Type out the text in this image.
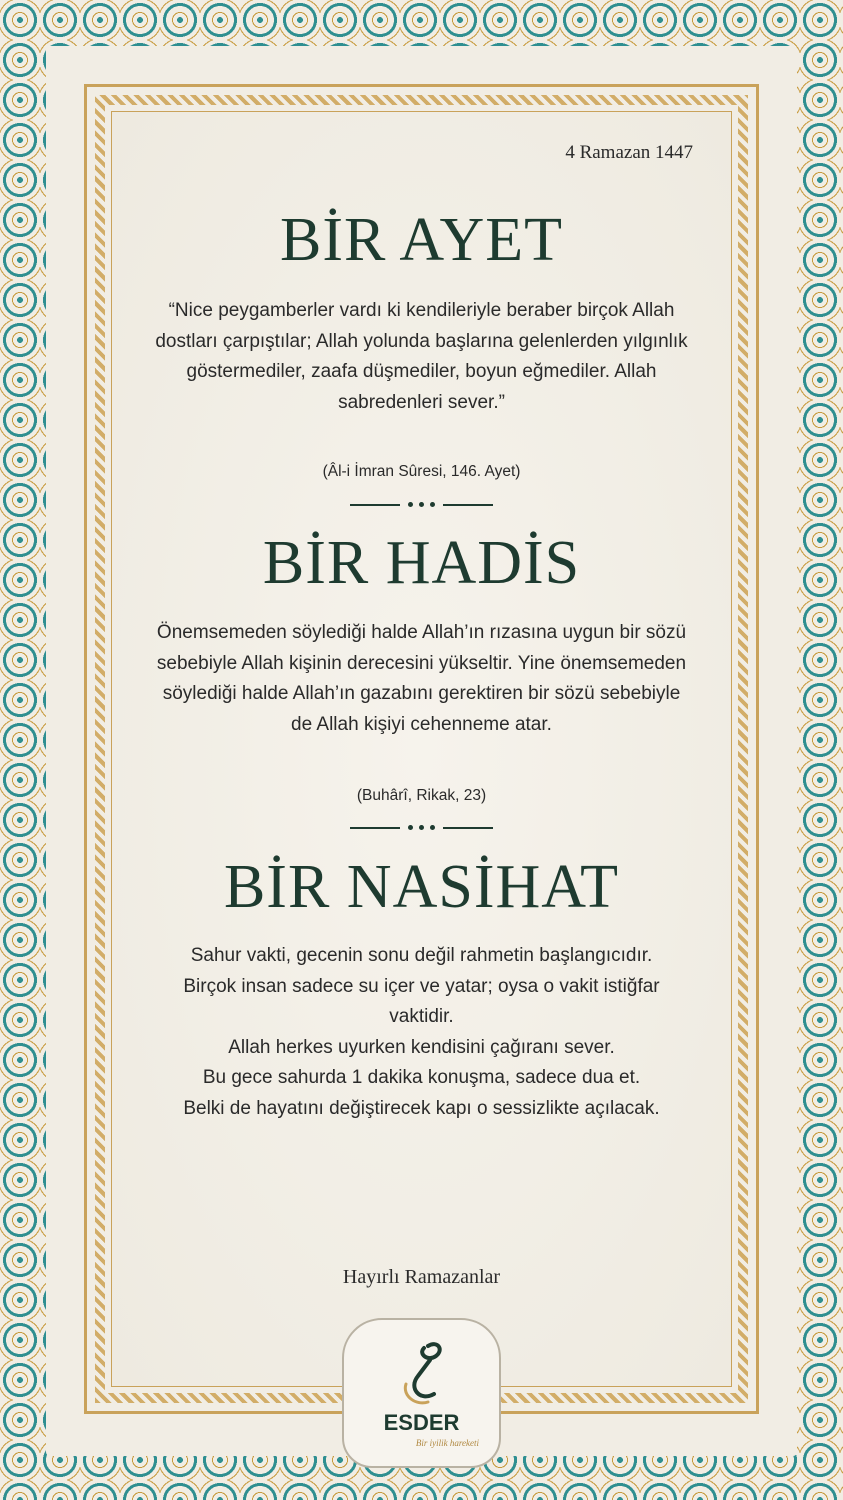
4 Ramazan 1447
BİR AYET
“Nice peygamberler vardı ki kendileriyle beraber birçok Allah dostları çarpıştılar; Allah yolunda başlarına gelenlerden yılgınlık göstermediler, zaafa düşmediler, boyun eğmediler. Allah sabredenleri sever.”
(Âl-i İmran Sûresi, 146. Ayet)
BİR HADİS
Önemsemeden söylediği halde Allah’ın rızasına uygun bir sözü sebebiyle Allah kişinin derecesini yükseltir. Yine önemsemeden söylediği halde Allah’ın gazabını gerektiren bir sözü sebebiyle de Allah kişiyi cehenneme atar.
(Buhârî, Rikak, 23)
BİR NASİHAT
Sahur vakti, gecenin sonu değil rahmetin başlangıcıdır.
Birçok insan sadece su içer ve yatar; oysa o vakit istiğfar vaktidir.
Allah herkes uyurken kendisini çağıranı sever.
Bu gece sahurda 1 dakika konuşma, sadece dua et.
Belki de hayatını değiştirecek kapı o sessizlikte açılacak.
Hayırlı Ramazanlar
ESDER
Bir iyilik hareketi
